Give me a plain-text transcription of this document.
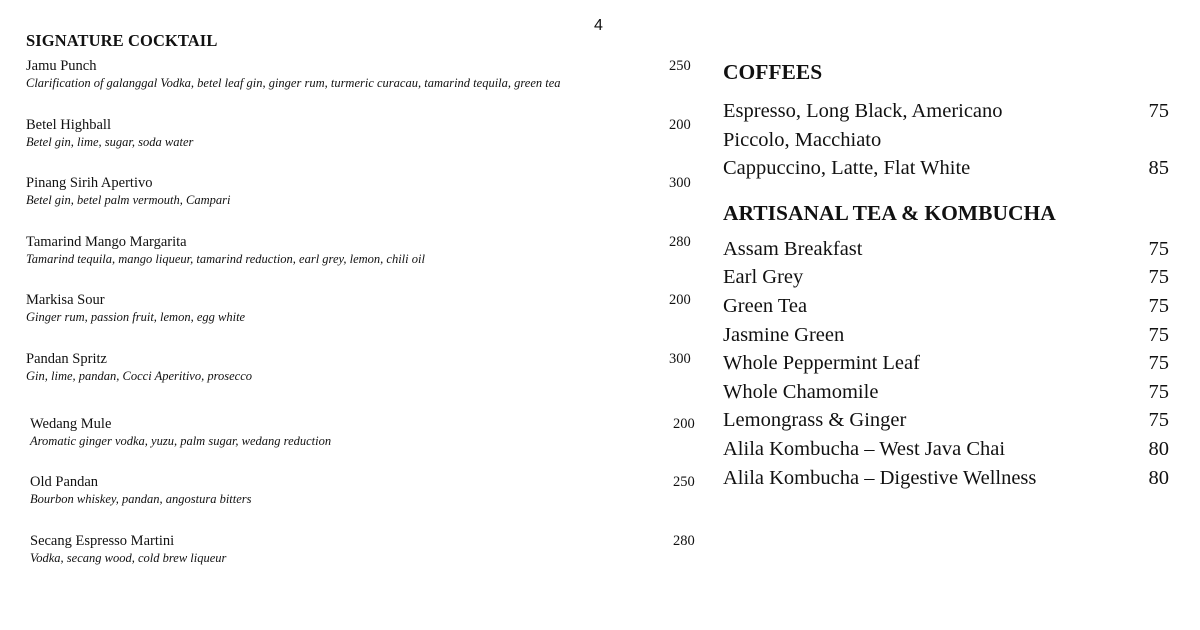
4
SIGNATURE COCKTAIL
Jamu Punch
Clarification of galanggal Vodka, betel leaf gin, ginger rum, turmeric curacau, tamarind tequila, green tea
250
Betel Highball
Betel gin, lime, sugar, soda water
200
Pinang Sirih Apertivo
Betel gin, betel palm vermouth, Campari
300
Tamarind Mango Margarita
Tamarind tequila, mango liqueur, tamarind reduction, earl grey, lemon, chili oil
280
Markisa Sour
Ginger rum, passion fruit, lemon, egg white
200
Pandan Spritz
Gin, lime, pandan, Cocci Aperitivo, prosecco
300
Wedang Mule
Aromatic ginger vodka, yuzu, palm sugar, wedang reduction
200
Old Pandan
Bourbon whiskey, pandan, angostura bitters
250
Secang Espresso Martini
Vodka, secang wood, cold brew liqueur
280
COFFEES
Espresso, Long Black, Americano	75
Piccolo, Macchiato
Cappuccino, Latte, Flat White	85
ARTISANAL TEA & KOMBUCHA
Assam Breakfast	75
Earl Grey	75
Green Tea	75
Jasmine Green	75
Whole Peppermint Leaf	75
Whole Chamomile	75
Lemongrass & Ginger	75
Alila Kombucha – West Java Chai	80
Alila Kombucha – Digestive Wellness	80
